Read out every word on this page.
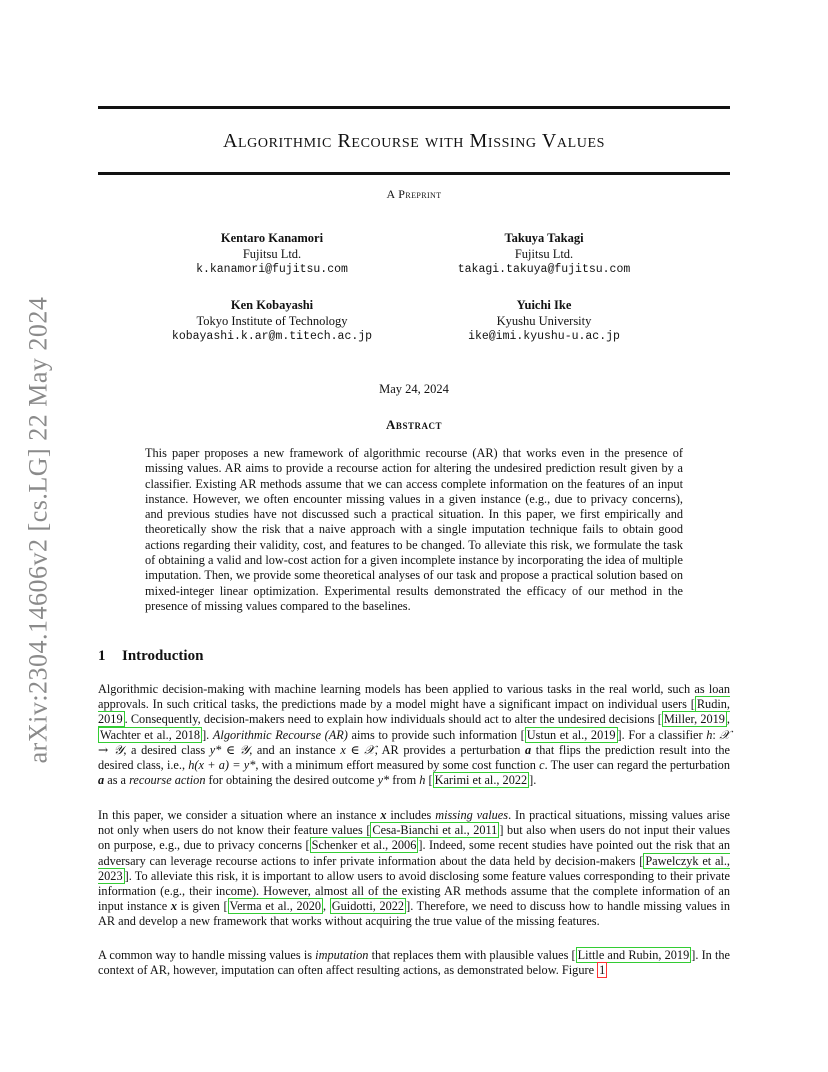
arXiv:2304.14606v2 [cs.LG] 22 May 2024
Algorithmic Recourse with Missing Values
A Preprint
Kentaro Kanamori
Fujitsu Ltd.
k.kanamori@fujitsu.com
Takuya Takagi
Fujitsu Ltd.
takagi.takuya@fujitsu.com
Ken Kobayashi
Tokyo Institute of Technology
kobayashi.k.ar@m.titech.ac.jp
Yuichi Ike
Kyushu University
ike@imi.kyushu-u.ac.jp
May 24, 2024
Abstract

This paper proposes a new framework of algorithmic recourse (AR) that works even in the presence of missing values. AR aims to provide a recourse action for altering the undesired prediction result given by a classifier. Existing AR methods assume that we can access complete information on the features of an input instance. However, we often encounter missing values in a given instance (e.g., due to privacy concerns), and previous studies have not discussed such a practical situation. In this paper, we first empirically and theoretically show the risk that a naive approach with a single imputation technique fails to obtain good actions regarding their validity, cost, and features to be changed. To alleviate this risk, we formulate the task of obtaining a valid and low-cost action for a given incomplete instance by incorporating the idea of multiple imputation. Then, we provide some theoretical analyses of our task and propose a practical solution based on mixed-integer linear optimization. Experimental results demonstrated the efficacy of our method in the presence of missing values compared to the baselines.

1 Introduction

Algorithmic decision-making with machine learning models has been applied to various tasks in the real world, such as loan approvals. In such critical tasks, the predictions made by a model might have a significant impact on individual users [ Rudin, 2019 . Consequently, decision-makers need to explain how individuals should act to alter the undesired decisions [ Miller, 2019 , Wachter et al., 2018 ]. Algorithmic Recourse (AR) aims to provide such information [ Ustun et al., 2019 ]. For a classifier h: 𝒳 → 𝒴, a desired class y* ∈ 𝒴, and an instance x ∈ 𝒳, AR provides a perturbation a that flips the prediction result into the desired class, i.e., h(x + a) = y*, with a minimum effort measured by some cost function c. The user can regard the perturbation a as a recourse action for obtaining the desired outcome y* from h [ Karimi et al., 2022 ].

In this paper, we consider a situation where an instance x includes missing values. In practical situations, missing values arise not only when users do not know their feature values [ Cesa-Bianchi et al., 2011 ] but also when users do not input their values on purpose, e.g., due to privacy concerns [ Schenker et al., 2006 ]. Indeed, some recent studies have pointed out the risk that an adversary can leverage recourse actions to infer private information about the data held by decision-makers [ Pawelczyk et al., 2023 ]. To alleviate this risk, it is important to allow users to avoid disclosing some feature values corresponding to their private information (e.g., their income). However, almost all of the existing AR methods assume that the complete information of an input instance x is given [ Verma et al., 2020 , Guidotti, 2022 ]. Therefore, we need to discuss how to handle missing values in AR and develop a new framework that works without acquiring the true value of the missing features.

A common way to handle missing values is imputation that replaces them with plausible values [ Little and Rubin, 2019 ]. In the context of AR, however, imputation can often affect resulting actions, as demonstrated below. Figure 1
